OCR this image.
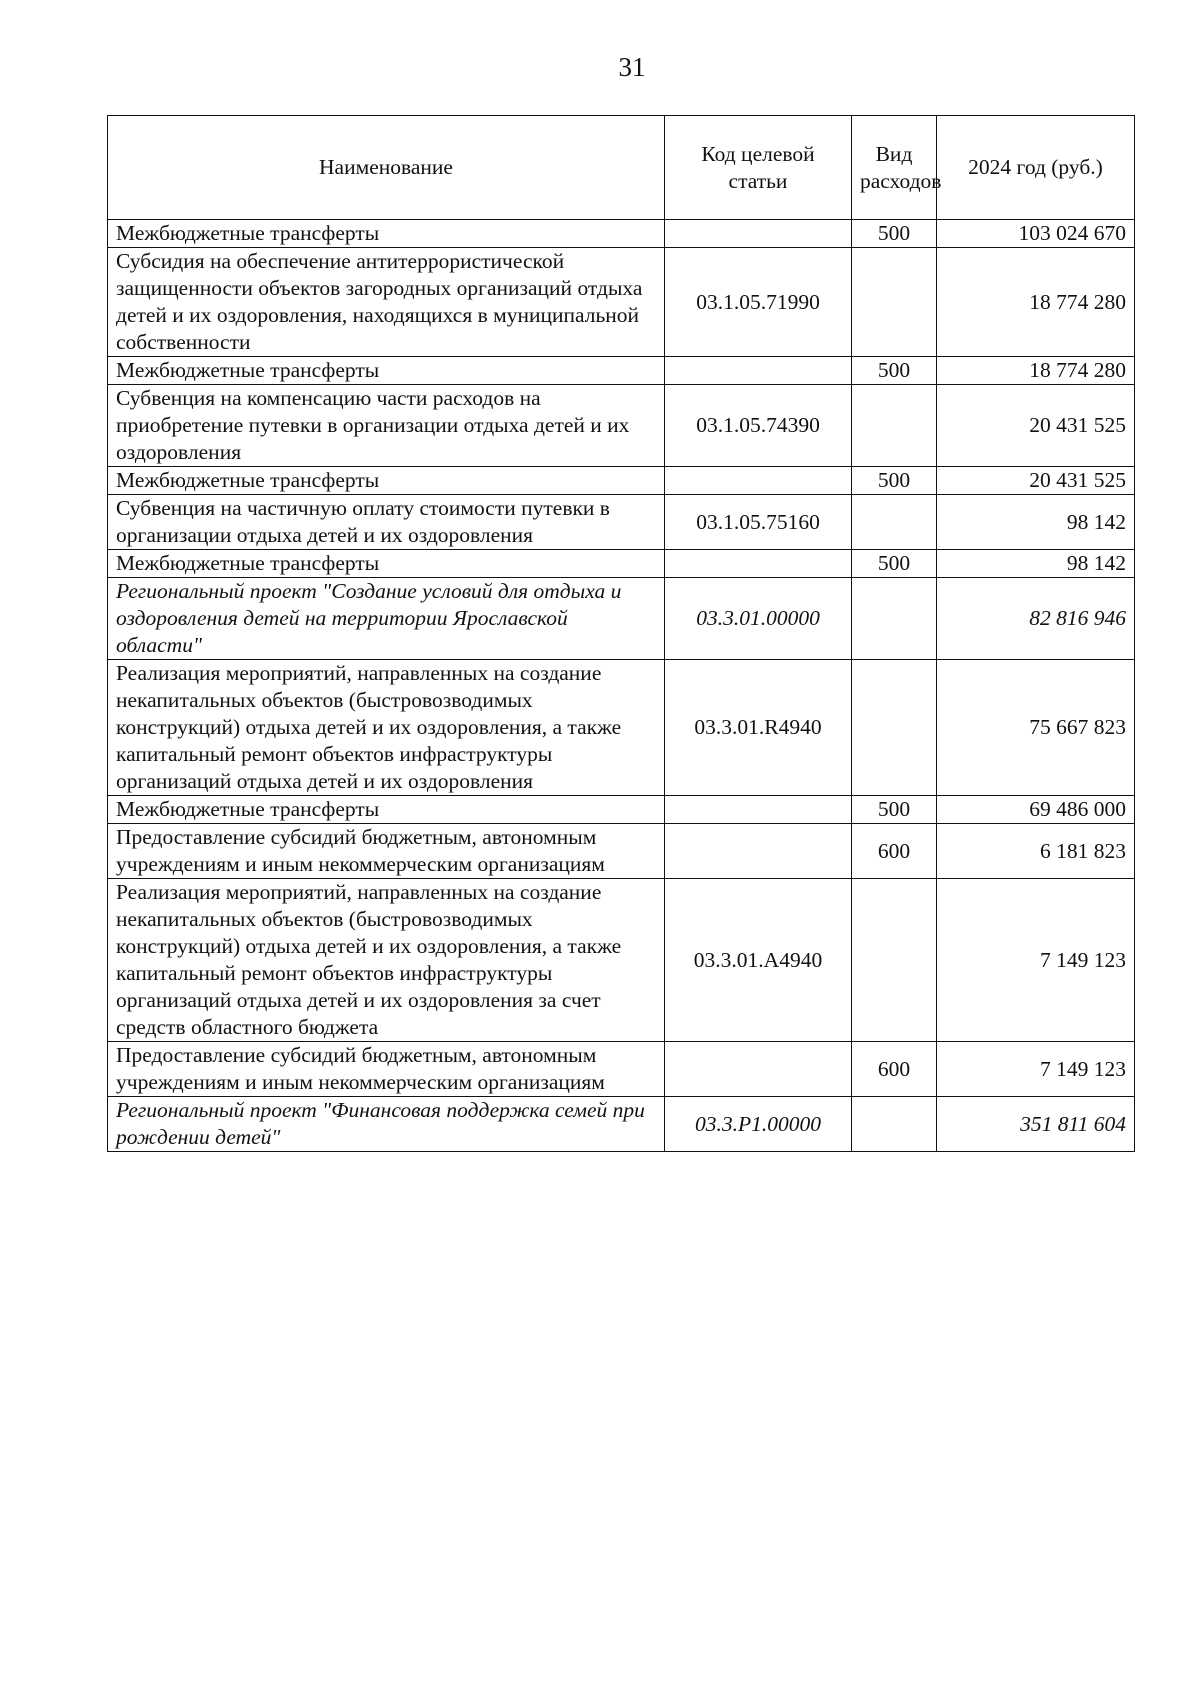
31
Наименование	Код целевой статьи	Вид расходов	2024 год (руб.)
Межбюджетные трансферты		500	103 024 670
Субсидия на обеспечение антитеррористической защищенности объектов загородных организаций отдыха детей и их оздоровления, находящихся в муниципальной собственности	03.1.05.71990		18 774 280
Межбюджетные трансферты		500	18 774 280
Субвенция на компенсацию части расходов на приобретение путевки в организации отдыха детей и их оздоровления	03.1.05.74390		20 431 525
Межбюджетные трансферты		500	20 431 525
Субвенция на частичную оплату стоимости путевки в организации отдыха детей и их оздоровления	03.1.05.75160		98 142
Межбюджетные трансферты		500	98 142
Региональный проект "Создание условий для отдыха и оздоровления детей на территории Ярославской области"	03.3.01.00000		82 816 946
Реализация мероприятий, направленных на создание некапитальных объектов (быстровозводимых конструкций) отдыха детей и их оздоровления, а также капитальный ремонт объектов инфраструктуры организаций отдыха детей и их оздоровления	03.3.01.R4940		75 667 823
Межбюджетные трансферты		500	69 486 000
Предоставление субсидий бюджетным, автономным учреждениям и иным некоммерческим организациям		600	6 181 823
Реализация мероприятий, направленных на создание некапитальных объектов (быстровозводимых конструкций) отдыха детей и их оздоровления, а также капитальный ремонт объектов инфраструктуры организаций отдыха детей и их оздоровления за счет средств областного бюджета	03.3.01.А4940		7 149 123
Предоставление субсидий бюджетным, автономным учреждениям и иным некоммерческим организациям		600	7 149 123
Региональный проект "Финансовая поддержка семей при рождении детей"	03.3.Р1.00000		351 811 604
